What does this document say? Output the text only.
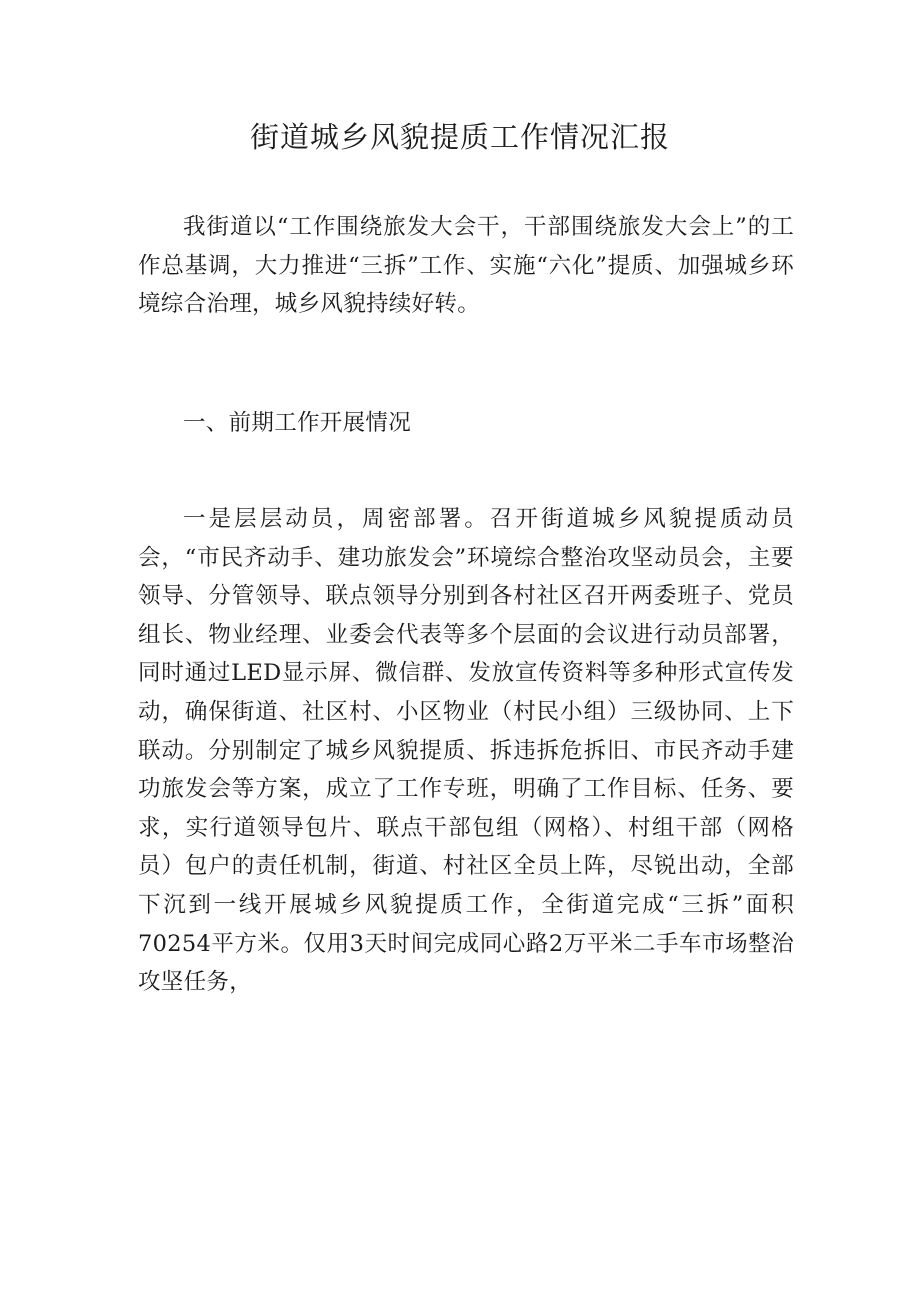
街道城乡风貌提质工作情况汇报

我街道以“工作围绕旅发大会干，干部围绕旅发大会上”的工作总基调，大力推进“三拆”工作、实施“六化”提质、加强城乡环境综合治理，城乡风貌持续好转。

一、前期工作开展情况

一是层层动员，周密部署。召开街道城乡风貌提质动员会，“市民齐动手、建功旅发会”环境综合整治攻坚动员会，主要领导、分管领导、联点领导分别到各村社区召开两委班子、党员组长、物业经理、业委会代表等多个层面的会议进行动员部署，同时通过LED显示屏、微信群、发放宣传资料等多种形式宣传发动，确保街道、社区村、小区物业（村民小组）三级协同、上下联动。分别制定了城乡风貌提质、拆违拆危拆旧、市民齐动手建功旅发会等方案，成立了工作专班，明确了工作目标、任务、要求，实行道领导包片、联点干部包组（网格）、村组干部（网格员）包户的责任机制，街道、村社区全员上阵，尽锐出动，全部下沉到一线开展城乡风貌提质工作，全街道完成“三拆”面积70254平方米。仅用3天时间完成同心路2万平米二手车市场整治攻坚任务，
